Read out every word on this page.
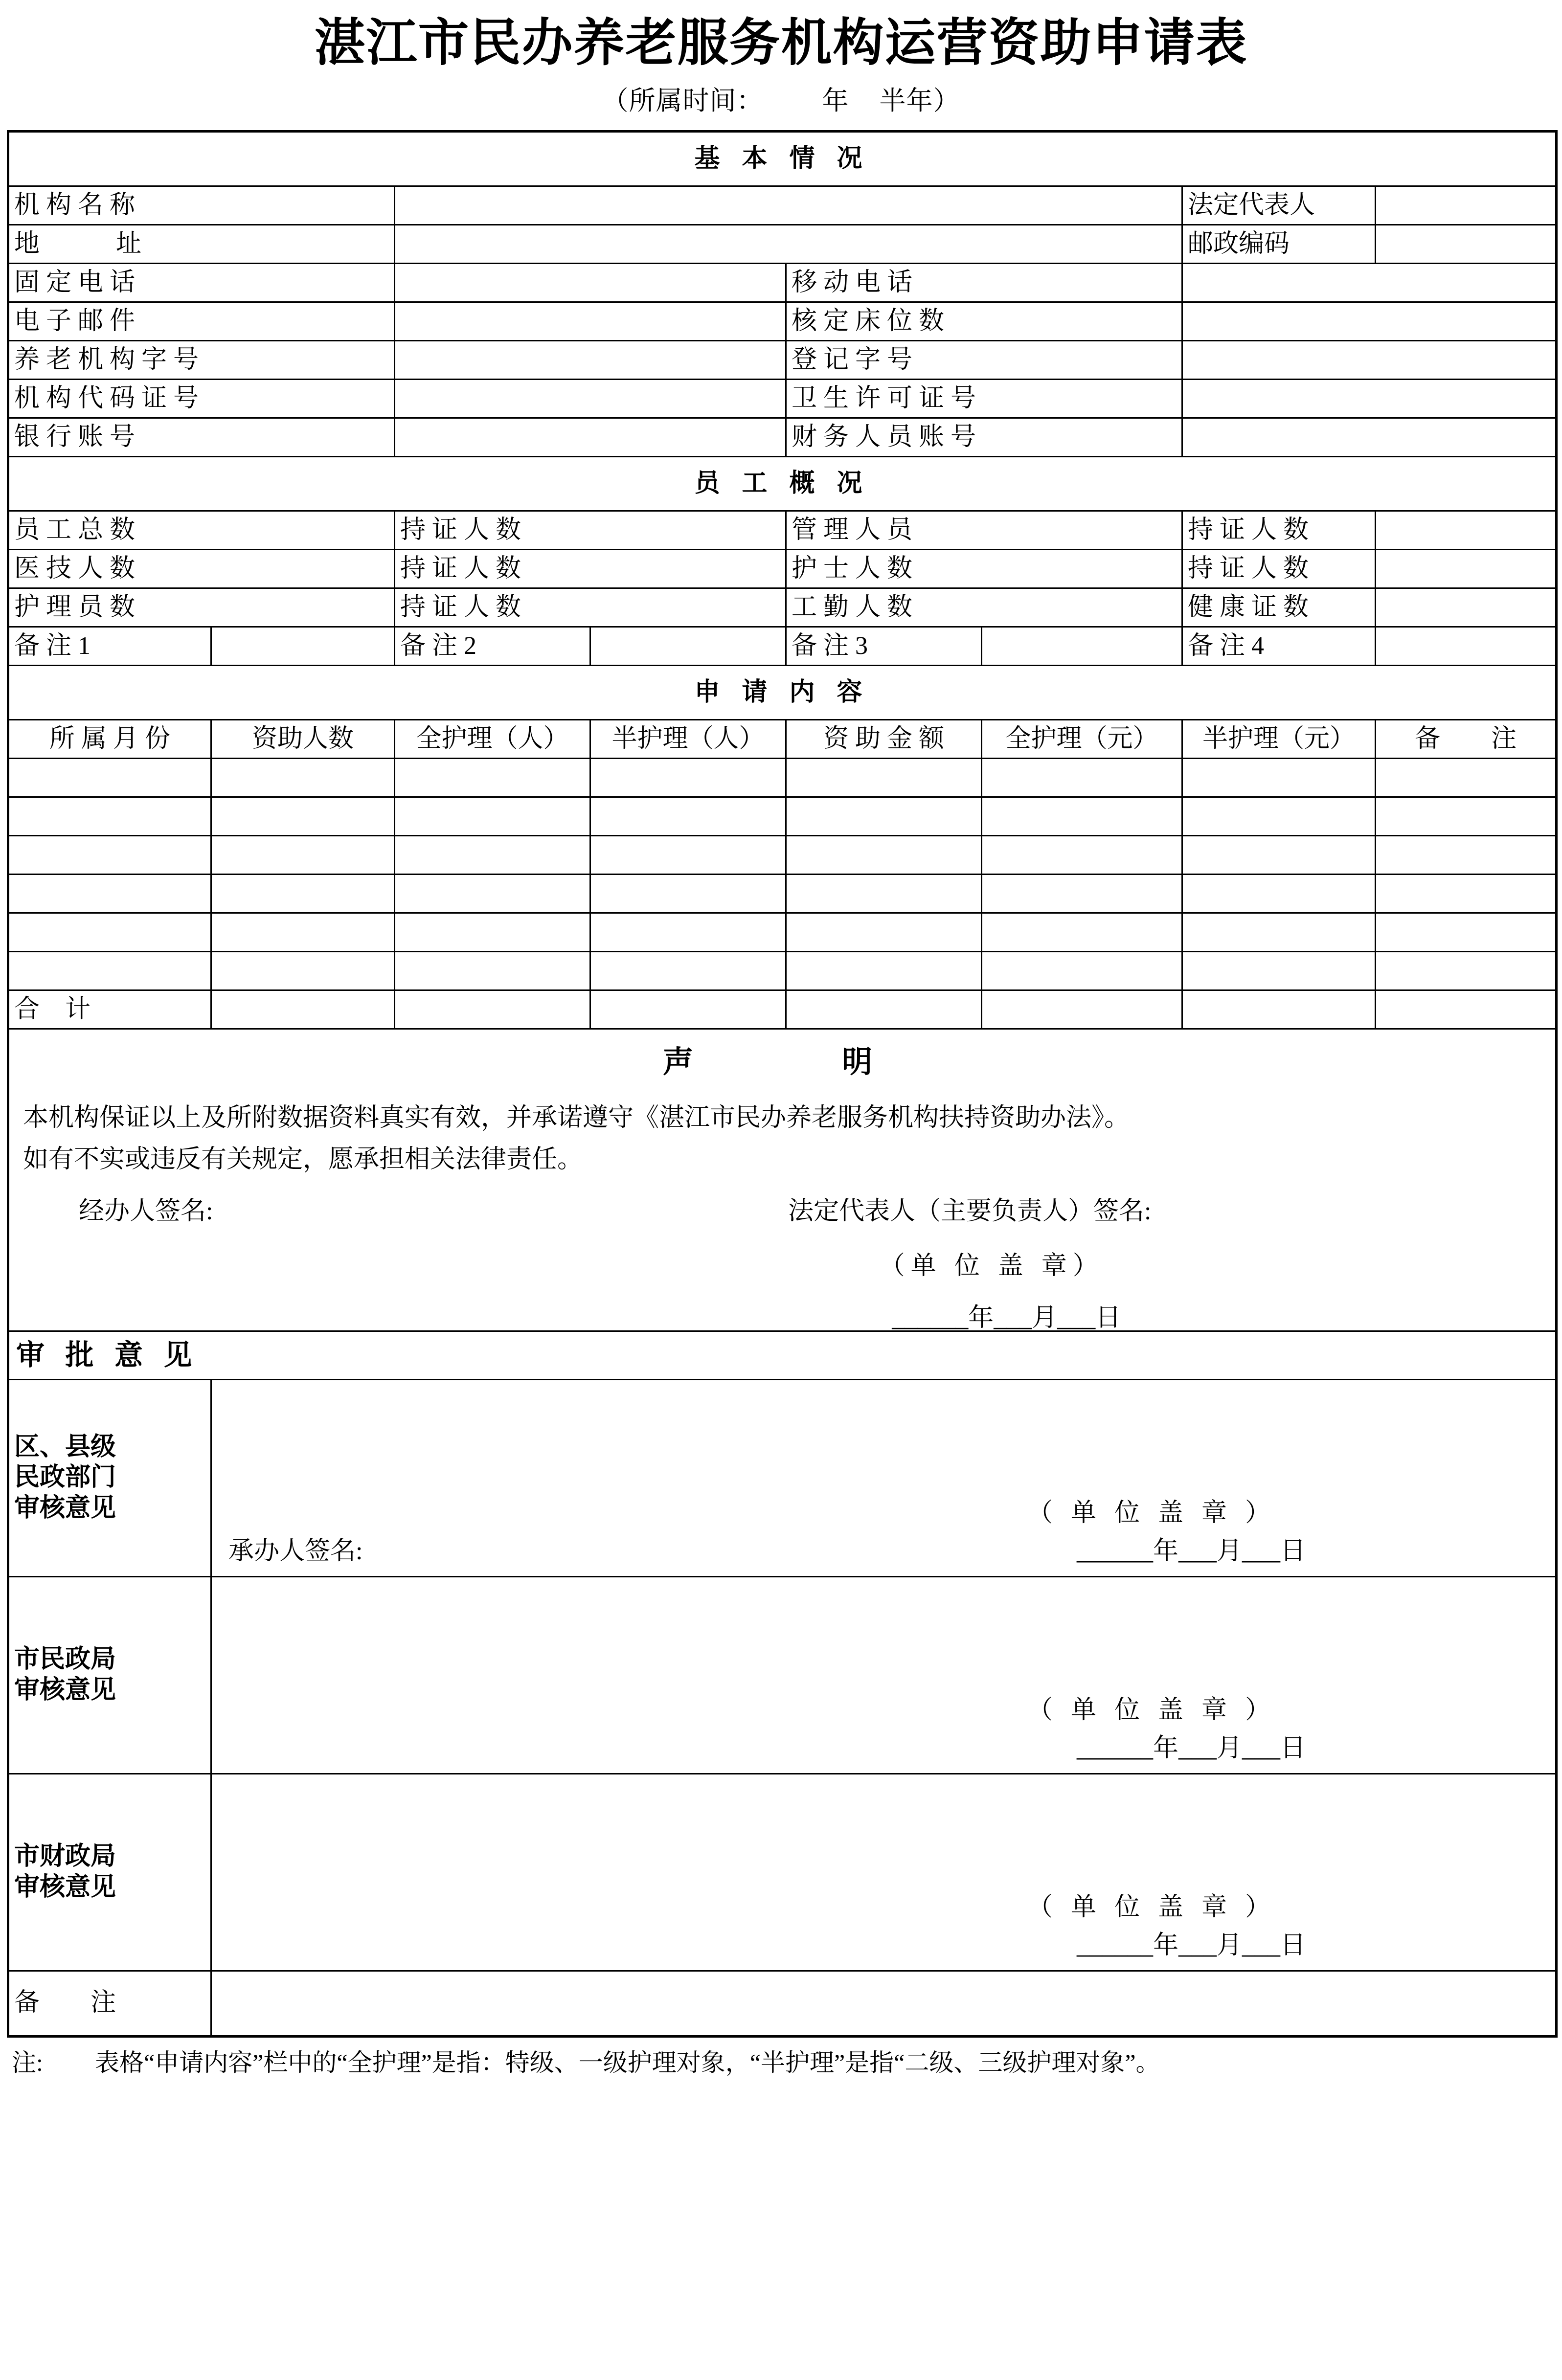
湛江市民办养老服务机构运营资助申请表
（所属时间： 年 半年）
基 本 情 况							
机 构 名 称						法定代表人	
地　　　址						邮政编码	
固 定 电 话				移 动 电 话			
电 子 邮 件				核 定 床 位 数			
养 老 机 构 字 号				登 记 字 号			
机 构 代 码 证 号				卫 生 许 可 证 号			
银 行 账 号				财 务 人 员 账 号			
员 工 概 况							
员 工 总 数		持 证 人 数		管 理 人 员		持 证 人 数	
医 技 人 数		持 证 人 数		护 士 人 数		持 证 人 数	
护 理 员 数		持 证 人 数		工 勤 人 数		健 康 证 数	
备 注 1		备 注 2		备 注 3		备 注 4	
申 请 内 容							
所 属 月 份	资助人数	全护理（人）	半护理（人）	资 助 金 额	全护理（元）	半护理（元）	备　　注

合　计							

声　　明
本机构保证以上及所附数据资料真实有效，并承诺遵守《湛江市民办养老服务机构扶持资助办法》。
如有不实或违反有关规定，愿承担相关法律责任。
经办人签名:	法定代表人（主要负责人）签名:
（单 位 盖 章）
______年___月___日

审 批 意 见							

区、县级
民政部门
审核意见	（ 单 位 盖 章 ）
承办人签名:	______年___月___日

市民政局
审核意见

（ 单 位 盖 章 ）
______年___月___日

市财政局
审核意见

（ 单 位 盖 章 ）
______年___月___日

备　　注							
注:	表格“申请内容”栏中的“全护理”是指：特级、一级护理对象，“半护理”是指“二级、三级护理对象”。
